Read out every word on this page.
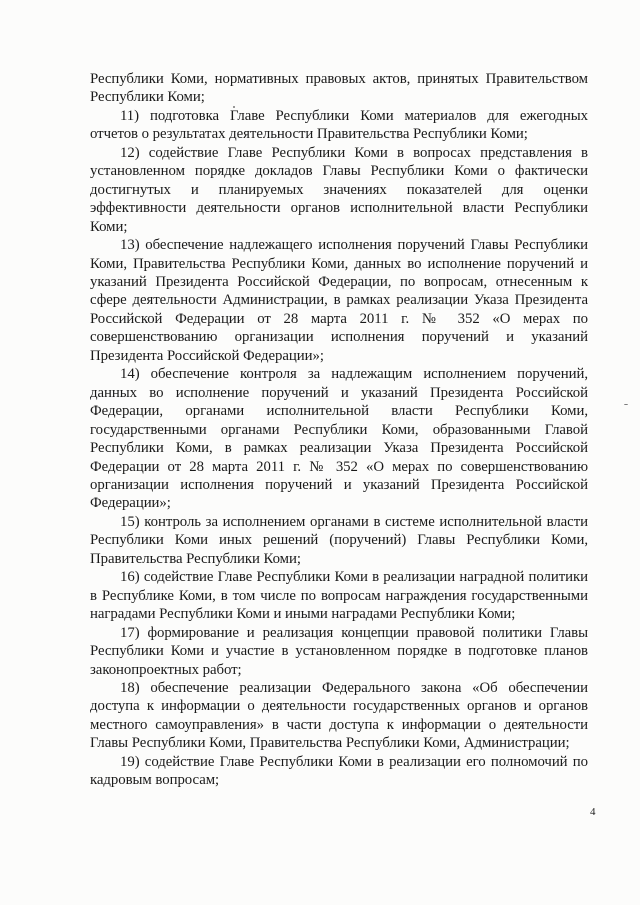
Республики Коми, нормативных правовых актов, принятых Правительством Республики Коми;

11) подготовка Главе Республики Коми материалов для ежегодных отчетов о результатах деятельности Правительства Республики Коми;

12) содействие Главе Республики Коми в вопросах представления в установленном порядке докладов Главы Республики Коми о фактически достигнутых и планируемых значениях показателей для оценки эффективности деятельности органов исполнительной власти Республики Коми;

13) обеспечение надлежащего исполнения поручений Главы Республики Коми, Правительства Республики Коми, данных во исполнение поручений и указаний Президента Российской Федерации, по вопросам, отнесенным к сфере деятельности Администрации, в рамках реализации Указа Президента Российской Федерации от 28 марта 2011 г. № 352 «О мерах по совершенствованию организации исполнения поручений и указаний Президента Российской Федерации»;

14) обеспечение контроля за надлежащим исполнением поручений, данных во исполнение поручений и указаний Президента Российской Федерации, органами исполнительной власти Республики Коми, государственными органами Республики Коми, образованными Главой Республики Коми, в рамках реализации Указа Президента Российской Федерации от 28 марта 2011 г. № 352 «О мерах по совершенствованию организации исполнения поручений и указаний Президента Российской Федерации»;

15) контроль за исполнением органами в системе исполнительной власти Республики Коми иных решений (поручений) Главы Республики Коми, Правительства Республики Коми;

16) содействие Главе Республики Коми в реализации наградной политики в Республике Коми, в том числе по вопросам награждения государственными наградами Республики Коми и иными наградами Республики Коми;

17) формирование и реализация концепции правовой политики Главы Республики Коми и участие в установленном порядке в подготовке планов законопроектных работ;

18) обеспечение реализации Федерального закона «Об обеспечении доступа к информации о деятельности государственных органов и органов местного самоуправления» в части доступа к информации о деятельности Главы Республики Коми, Правительства Республики Коми, Администрации;

19) содействие Главе Республики Коми в реализации его полномочий по кадровым вопросам;

4
